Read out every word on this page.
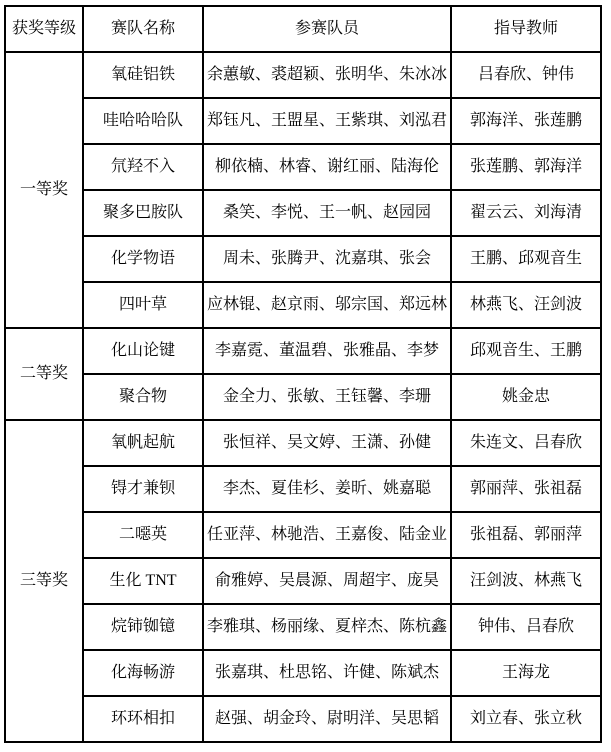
获奖等级	赛队名称	参赛队员	指导教师
一等奖	氧硅铝铁	余蕙敏、裘超颖、张明华、朱冰冰	吕春欣、钟伟
	哇哈哈哈队	郑钰凡、王盟星、王紫琪、刘泓君	郭海洋、张莲鹏
	氘羟不入	柳依楠、林睿、谢红丽、陆海伦	张莲鹏、郭海洋
	聚多巴胺队	桑笑、李悦、王一帆、赵园园	翟云云、刘海清
	化学物语	周未、张腾尹、沈嘉琪、张会	王鹏、邱观音生
	四叶草	应林锟、赵京雨、邬宗国、郑远林	林燕飞、汪剑波
二等奖	化山论键	李嘉霓、董温碧、张雅晶、李梦	邱观音生、王鹏
	聚合物	金全力、张敏、王钰馨、李珊	姚金忠
三等奖	氧帆起航	张恒祥、吴文婷、王潇、孙健	朱连文、吕春欣
	锝才兼钡	李杰、夏佳杉、姜昕、姚嘉聪	郭丽萍、张祖磊
	二噁英	任亚萍、林驰浩、王嘉俊、陆金业	张祖磊、郭丽萍
	生化 TNT	俞雅婷、吴晨源、周超宇、庞昊	汪剑波、林燕飞
	烷铈铷镱	李雅琪、杨丽缘、夏梓杰、陈杭鑫	钟伟、吕春欣
	化海畅游	张嘉琪、杜思铭、许健、陈斌杰	王海龙
	环环相扣	赵强、胡金玲、尉明洋、吴思韬	刘立春、张立秋
